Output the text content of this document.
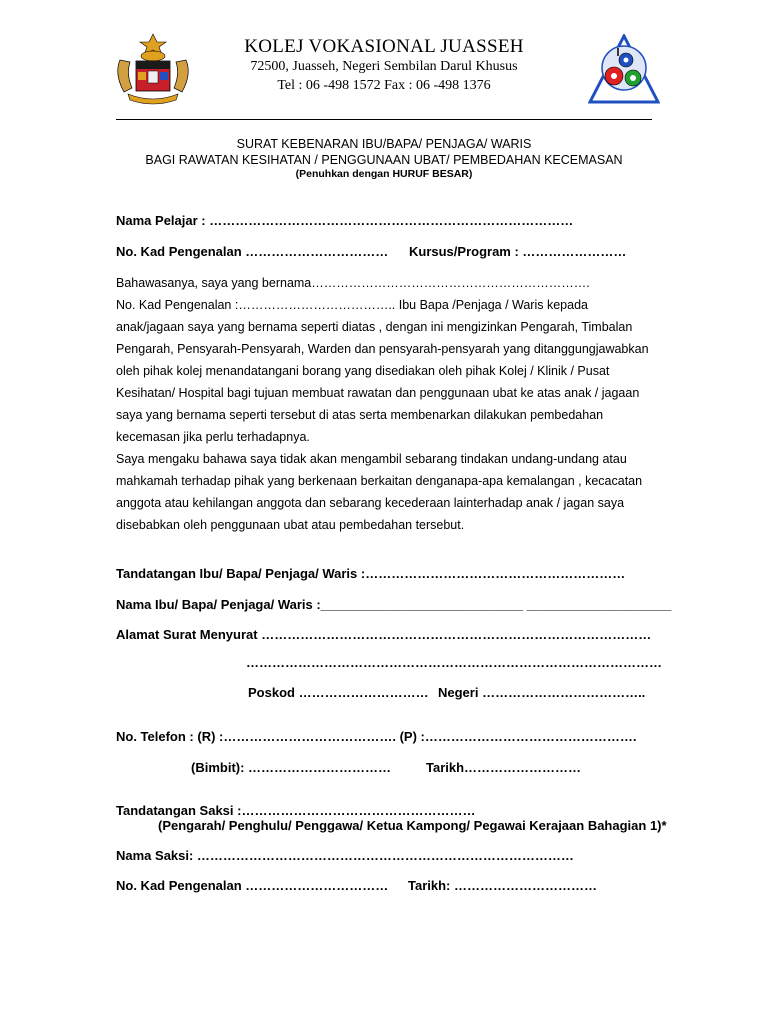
KOLEJ VOKASIONAL JUASSEH
72500, Juasseh, Negeri Sembilan Darul Khusus
Tel : 06 -498 1572 Fax : 06 -498 1376
SURAT KEBENARAN IBU/BAPA/ PENJAGA/ WARIS
BAGI RAWATAN KESIHATAN / PENGGUNAAN UBAT/ PEMBEDAHAN KECEMASAN
(Penuhkan dengan HURUF BESAR)
Nama Pelajar : …………………………………………………………………………
No. Kad Pengenalan …………………………… Kursus/Program : ……………………

Bahawasanya, saya yang bernama………………………………………………………….

No. Kad Pengenalan :……………………………….. Ibu Bapa /Penjaga / Waris kepada

anak/jagaan saya yang bernama seperti diatas , dengan ini mengizinkan Pengarah, Timbalan

Pengarah, Pensyarah-Pensyarah, Warden dan pensyarah-pensyarah yang ditanggungjawabkan

oleh pihak kolej menandatangani borang yang disediakan oleh pihak Kolej / Klinik / Pusat

Kesihatan/ Hospital bagi tujuan membuat rawatan dan penggunaan ubat ke atas anak / jagaan

saya yang bernama seperti tersebut di atas serta membenarkan dilakukan pembedahan

kecemasan jika perlu terhadapnya.

Saya mengaku bahawa saya tidak akan mengambil sebarang tindakan undang-undang atau

mahkamah terhadap pihak yang berkenaan berkaitan denganapa-apa kemalangan , kecacatan

anggota atau kehilangan anggota dan sebarang kecederaan lainterhadap anak / jagan saya

disebabkan oleh penggunaan ubat atau pembedahan tersebut.

Tandatangan Ibu/ Bapa/ Penjaga/ Waris :……………………………………………………
Nama Ibu/ Bapa/ Penjaga/ Waris :____________________________ ____________________
Alamat Surat Menyurat ………………………………………………………………………………
……………………………………………………………………………………
Poskod ………………………… Negeri ………………………………..
No. Telefon : (R) :…………………………………. (P) :………………………………………….
(Bimbit): ……………………………	Tarikh………………………
Tandatangan Saksi :………………………………………………
(Pengarah/ Penghulu/ Penggawa/ Ketua Kampong/ Pegawai Kerajaan Bahagian 1)*
Nama Saksi: ……………………………………………………………………………
No. Kad Pengenalan …………………………… Tarikh: ……………………………
